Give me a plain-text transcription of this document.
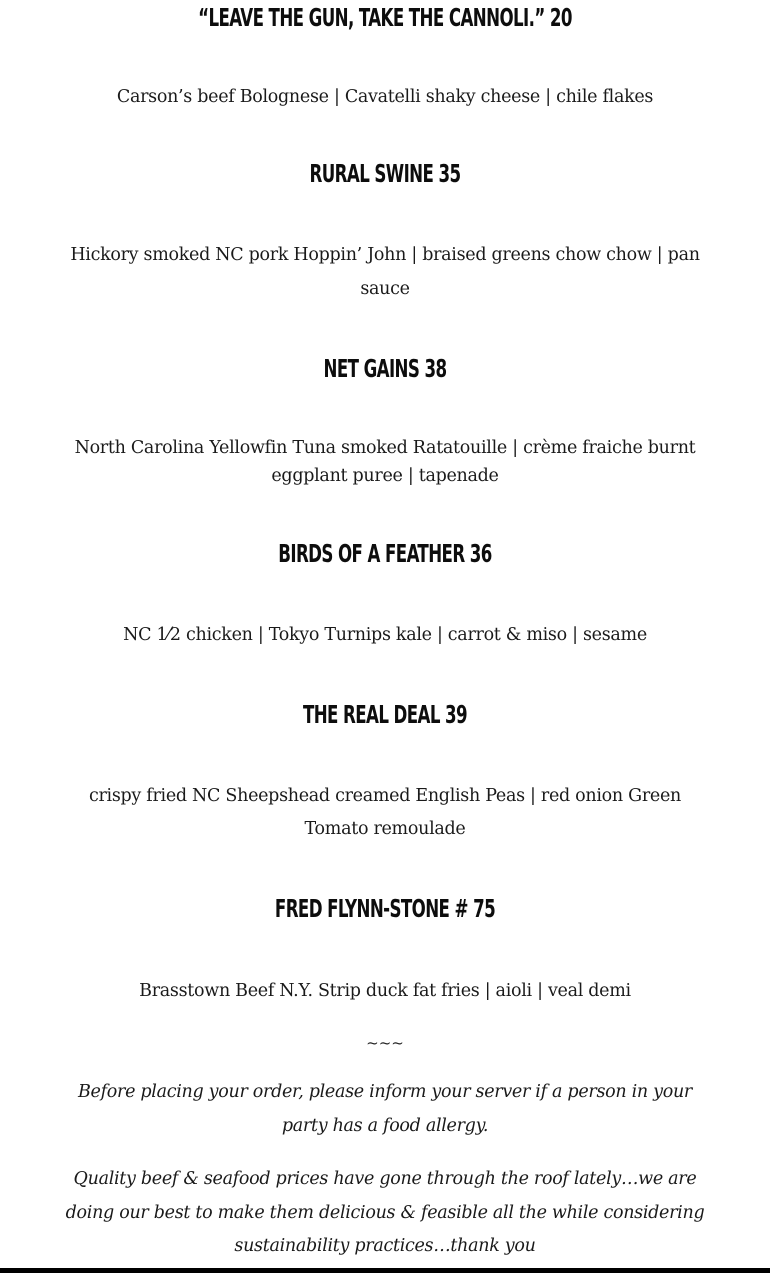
“LEAVE THE GUN, TAKE THE CANNOLI.” 20
Carson’s beef Bolognese | Cavatelli shaky cheese | chile flakes
RURAL SWINE 35
Hickory smoked NC pork Hoppin’ John | braised greens chow chow | pan sauce
NET GAINS 38
North Carolina Yellowfin Tuna smoked Ratatouille | crème fraiche burnt eggplant puree | tapenade
BIRDS OF A FEATHER 36
NC 1⁄2 chicken | Tokyo Turnips kale | carrot & miso | sesame
THE REAL DEAL 39
crispy fried NC Sheepshead creamed English Peas | red onion Green Tomato remoulade
FRED FLYNN-STONE # 75
Brasstown Beef N.Y. Strip duck fat fries | aioli | veal demi
~~~
Before placing your order, please inform your server if a person in your party has a food allergy.
Quality beef & seafood prices have gone through the roof lately…we are doing our best to make them delicious & feasible all the while considering sustainability practices…thank you
